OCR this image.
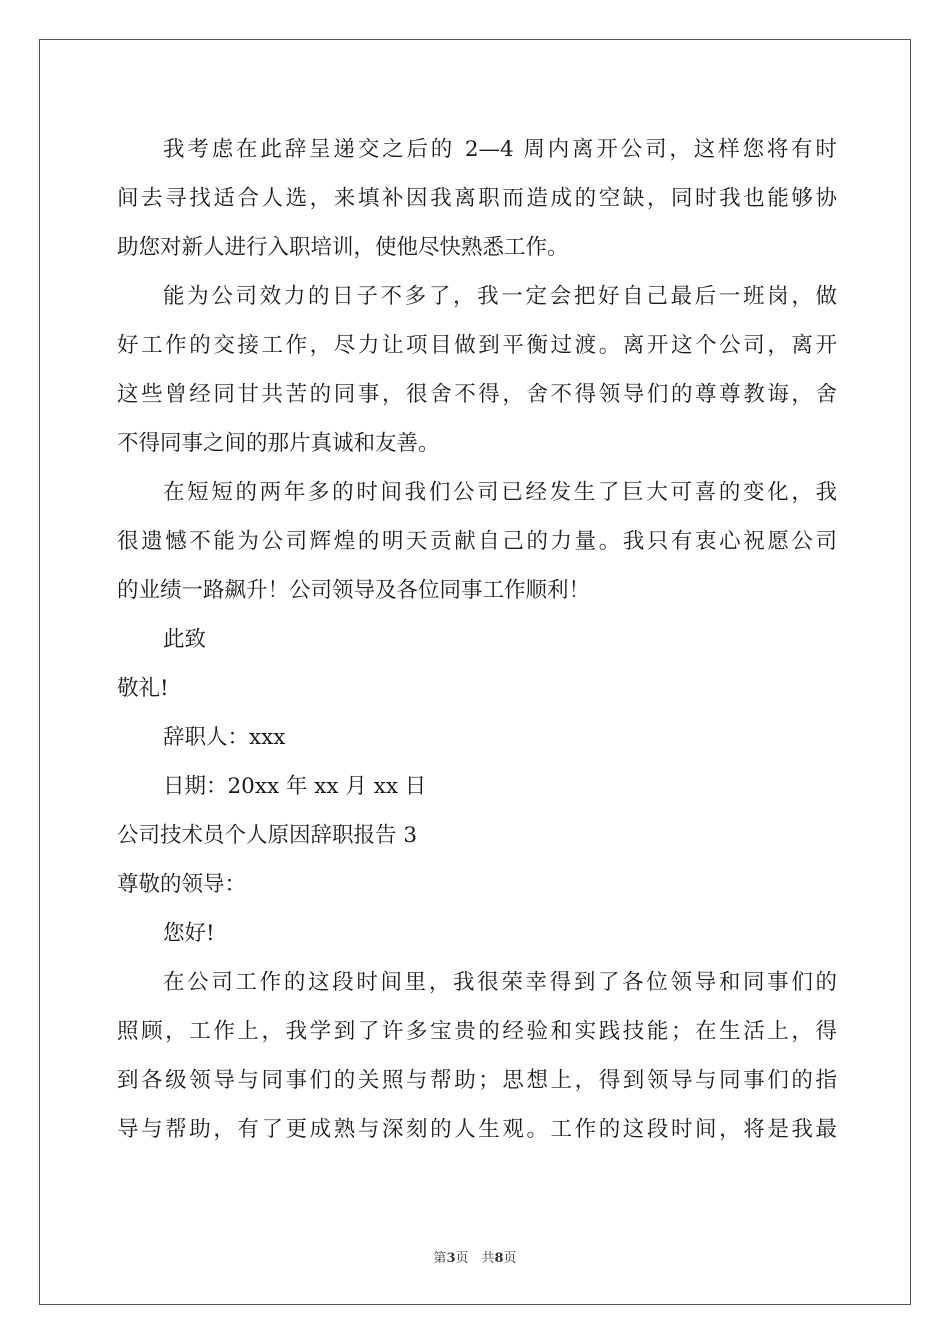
我考虑在此辞呈递交之后的 2—4 周内离开公司，这样您将有时
间去寻找适合人选，来填补因我离职而造成的空缺，同时我也能够协
助您对新人进行入职培训，使他尽快熟悉工作。
能为公司效力的日子不多了，我一定会把好自己最后一班岗，做
好工作的交接工作，尽力让项目做到平衡过渡。离开这个公司，离开
这些曾经同甘共苦的同事，很舍不得，舍不得领导们的尊尊教诲，舍
不得同事之间的那片真诚和友善。
在短短的两年多的时间我们公司已经发生了巨大可喜的变化，我
很遗憾不能为公司辉煌的明天贡献自己的力量。我只有衷心祝愿公司
的业绩一路飙升！公司领导及各位同事工作顺利！
此致
敬礼!
辞职人：xxx
日期：20xx 年 xx 月 xx 日
公司技术员个人原因辞职报告 3
尊敬的领导：
您好!
在公司工作的这段时间里，我很荣幸得到了各位领导和同事们的
照顾，工作上，我学到了许多宝贵的经验和实践技能；在生活上，得
到各级领导与同事们的关照与帮助；思想上，得到领导与同事们的指
导与帮助，有了更成熟与深刻的人生观。工作的这段时间，将是我最
第3页　共8页
